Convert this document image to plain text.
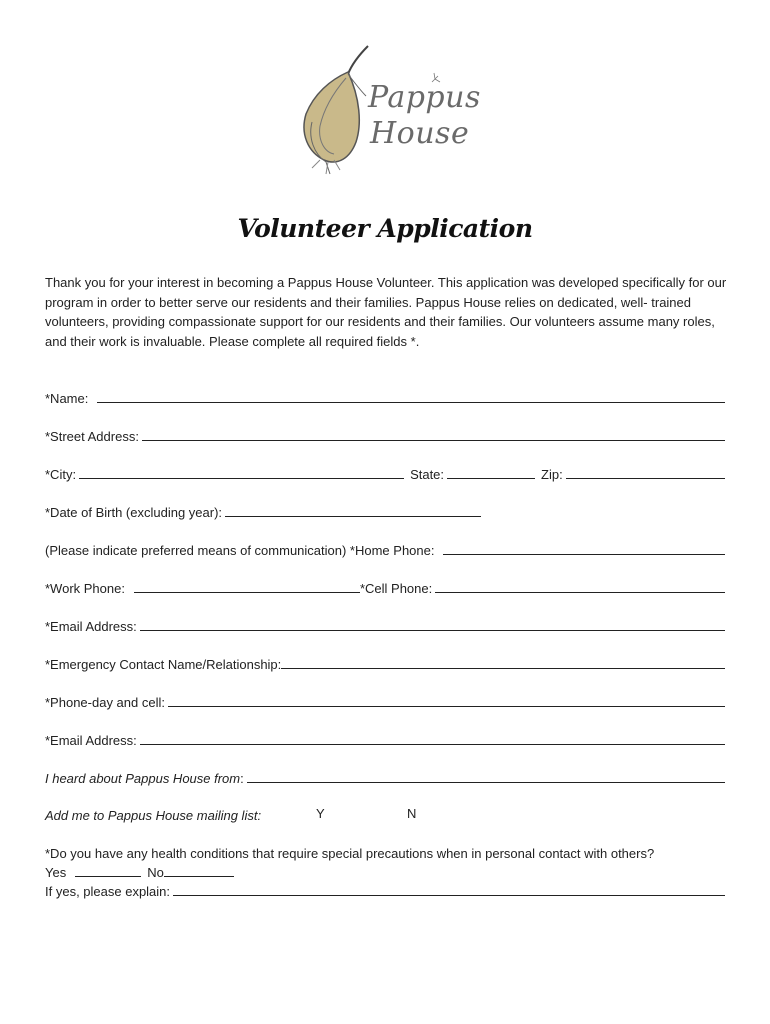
Pappus
House
Volunteer Application
Thank you for your interest in becoming a Pappus House Volunteer. This application was developed specifically for our program in order to better serve our residents and their families. Pappus House relies on dedicated, well- trained volunteers, providing compassionate support for our residents and their families. Our volunteers assume many roles, and their work is invaluable. Please complete all required fields *.
*Name:
*Street Address:
*City:	State:	Zip:
*Date of Birth (excluding year):
(Please indicate preferred means of communication) *Home Phone:
*Work Phone:	*Cell Phone:
*Email Address:
*Emergency Contact Name/Relationship:
*Phone-day and cell:
*Email Address:
I heard about Pappus House from :
Add me to Pappus House mailing list:	Y	N
*Do you have any health conditions that require special precautions when in personal contact with others?
Yes	No
If yes, please explain:
